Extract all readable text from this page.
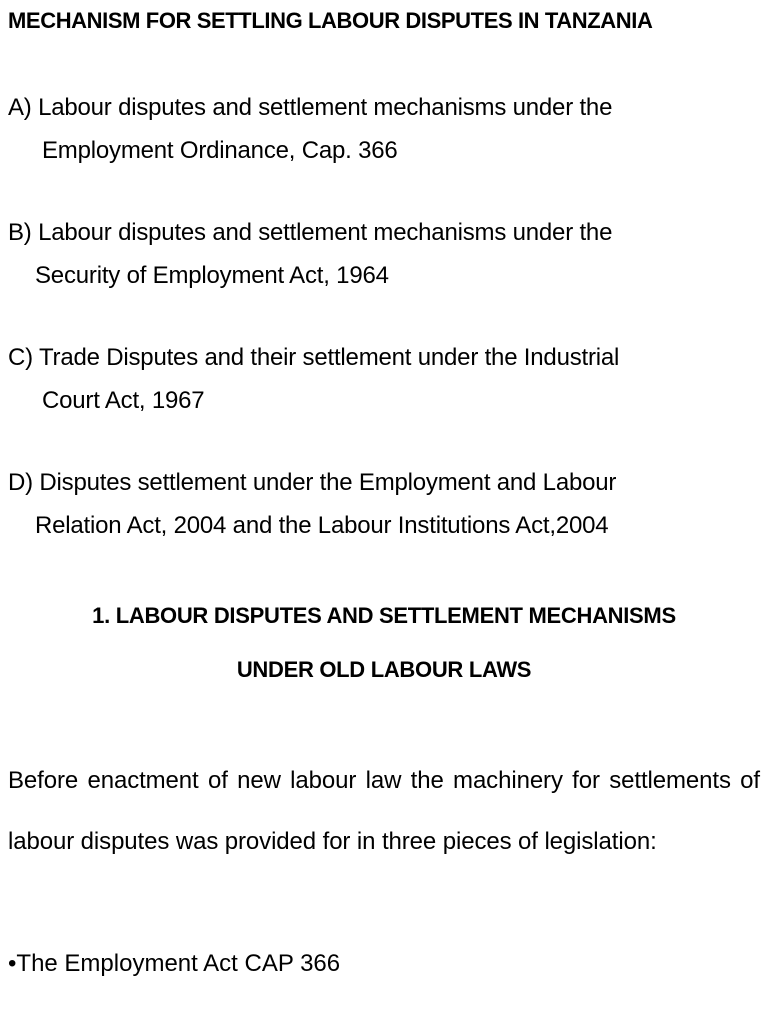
MECHANISM FOR SETTLING LABOUR DISPUTES IN TANZANIA
A) Labour disputes and settlement mechanisms under the
Employment Ordinance, Cap. 366
B) Labour disputes and settlement mechanisms under the
Security of Employment Act, 1964
C) Trade Disputes and their settlement under the Industrial
Court Act, 1967
D) Disputes settlement under the Employment and Labour
Relation Act, 2004 and the Labour Institutions Act,2004
1. LABOUR DISPUTES AND SETTLEMENT MECHANISMS
UNDER OLD LABOUR LAWS
Before enactment of new labour law the machinery for settlements of labour disputes was provided for in three pieces of legislation:
•The Employment Act CAP 366
